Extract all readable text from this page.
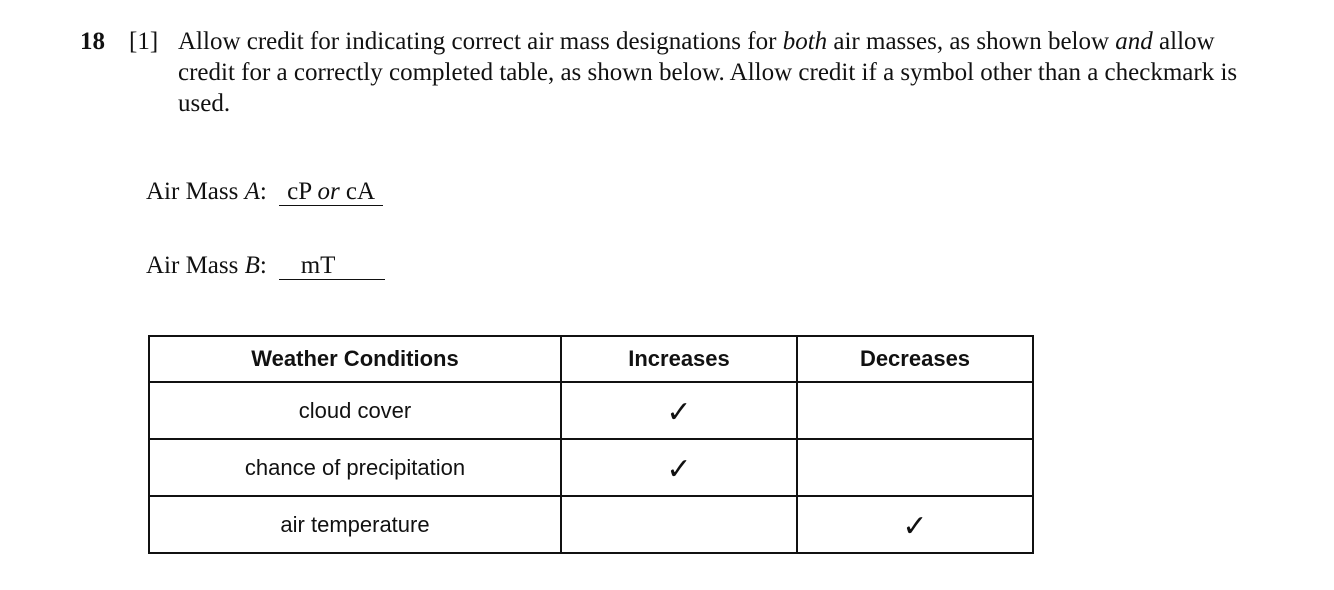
18 [1] Allow credit for indicating correct air mass designations for both air masses, as shown below and allow credit for a correctly completed table, as shown below. Allow credit if a symbol other than a checkmark is used.
Air Mass A: cP or cA
Air Mass B: mT
Weather Conditions	Increases	Decreases
cloud cover	✓	
chance of precipitation	✓	
air temperature		✓
